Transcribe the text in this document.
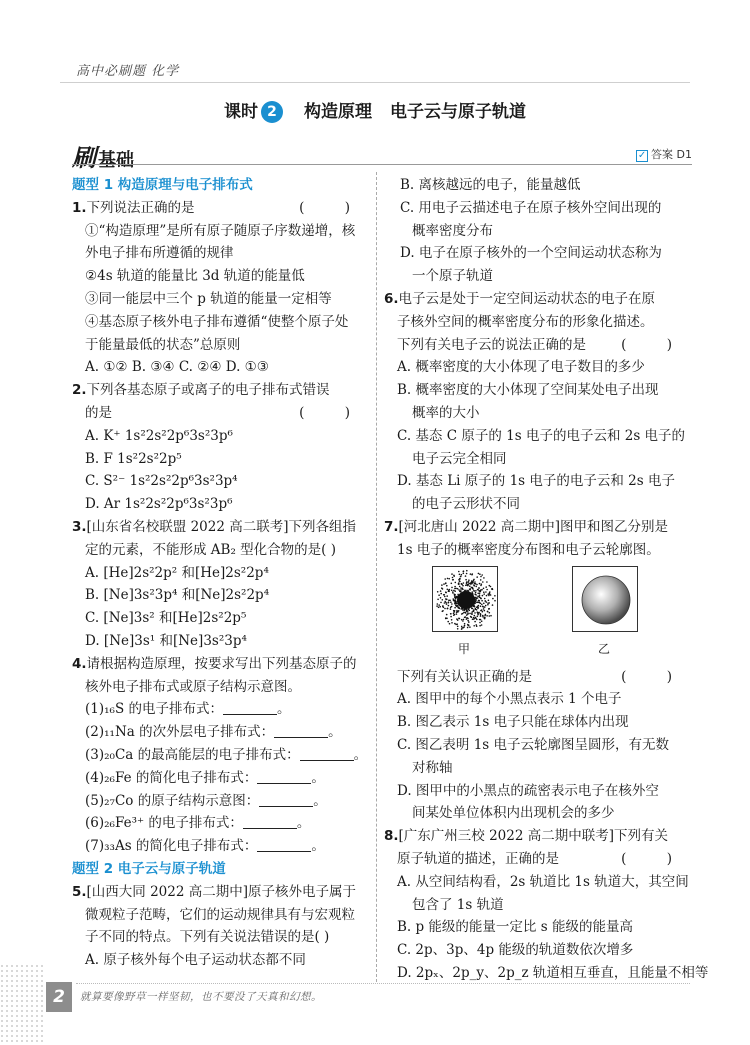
高中必刷题 化学
课时 2 构造原理 电子云与原子轨道
刷 基础	✓ 答案 D1
题型 1 构造原理与电子排布式
( )
1.下列说法正确的是
①“构造原理”是所有原子随原子序数递增，核
外电子排布所遵循的规律
②4s 轨道的能量比 3d 轨道的能量低
③同一能层中三个 p 轨道的能量一定相等
④基态原子核外电子排布遵循“使整个原子处
于能量最低的状态”总原则
A. ①② B. ③④ C. ②④ D. ①③
2.下列各基态原子或离子的电子排布式错误
( )
的是
A. K⁺ 1s²2s²2p⁶3s²3p⁶
B. F 1s²2s²2p⁵
C. S²⁻ 1s²2s²2p⁶3s²3p⁴
D. Ar 1s²2s²2p⁶3s²3p⁶
3.[山东省名校联盟 2022 高二联考]下列各组指
定的元素，不能形成 AB₂ 型化合物的是( )
A. [He]2s²2p² 和[He]2s²2p⁴
B. [Ne]3s²3p⁴ 和[Ne]2s²2p⁴
C. [Ne]3s² 和[He]2s²2p⁵
D. [Ne]3s¹ 和[Ne]3s²3p⁴
4.请根据构造原理，按要求写出下列基态原子的
核外电子排布式或原子结构示意图。
(1)₁₆S 的电子排布式：	。
(2)₁₁Na 的次外层电子排布式：	。
(3)₂₀Ca 的最高能层的电子排布式：	。
(4)₂₆Fe 的简化电子排布式：	。
(5)₂₇Co 的原子结构示意图：	。
(6)₂₆Fe³⁺ 的电子排布式：	。
(7)₃₃As 的简化电子排布式：	。
题型 2 电子云与原子轨道
5.[山西大同 2022 高二期中]原子核外电子属于
微观粒子范畴，它们的运动规律具有与宏观粒
子不同的特点。下列有关说法错误的是( )
A. 原子核外每个电子运动状态都不同
B. 离核越远的电子，能量越低
C. 用电子云描述电子在原子核外空间出现的
概率密度分布
D. 电子在原子核外的一个空间运动状态称为
一个原子轨道
6.电子云是处于一定空间运动状态的电子在原
子核外空间的概率密度分布的形象化描述。
( )
下列有关电子云的说法正确的是
A. 概率密度的大小体现了电子数目的多少
B. 概率密度的大小体现了空间某处电子出现
概率的大小
C. 基态 C 原子的 1s 电子的电子云和 2s 电子的
电子云完全相同
D. 基态 Li 原子的 1s 电子的电子云和 2s 电子
的电子云形状不同
7.[河北唐山 2022 高二期中]图甲和图乙分别是
1s 电子的概率密度分布图和电子云轮廓图。
甲	乙
( )
下列有关认识正确的是
A. 图甲中的每个小黑点表示 1 个电子
B. 图乙表示 1s 电子只能在球体内出现
C. 图乙表明 1s 电子云轮廓图呈圆形，有无数
对称轴
D. 图甲中的小黑点的疏密表示电子在核外空
间某处单位体积内出现机会的多少
8.[广东广州三校 2022 高二期中联考]下列有关
( )
原子轨道的描述，正确的是
A. 从空间结构看，2s 轨道比 1s 轨道大，其空间
包含了 1s 轨道
B. p 能级的能量一定比 s 能级的能量高
C. 2p、3p、4p 能级的轨道数依次增多
D. 2pₓ、2p_y、2p_z 轨道相互垂直，且能量不相等
2	就算要像野草一样坚韧，也不要没了天真和幻想。
